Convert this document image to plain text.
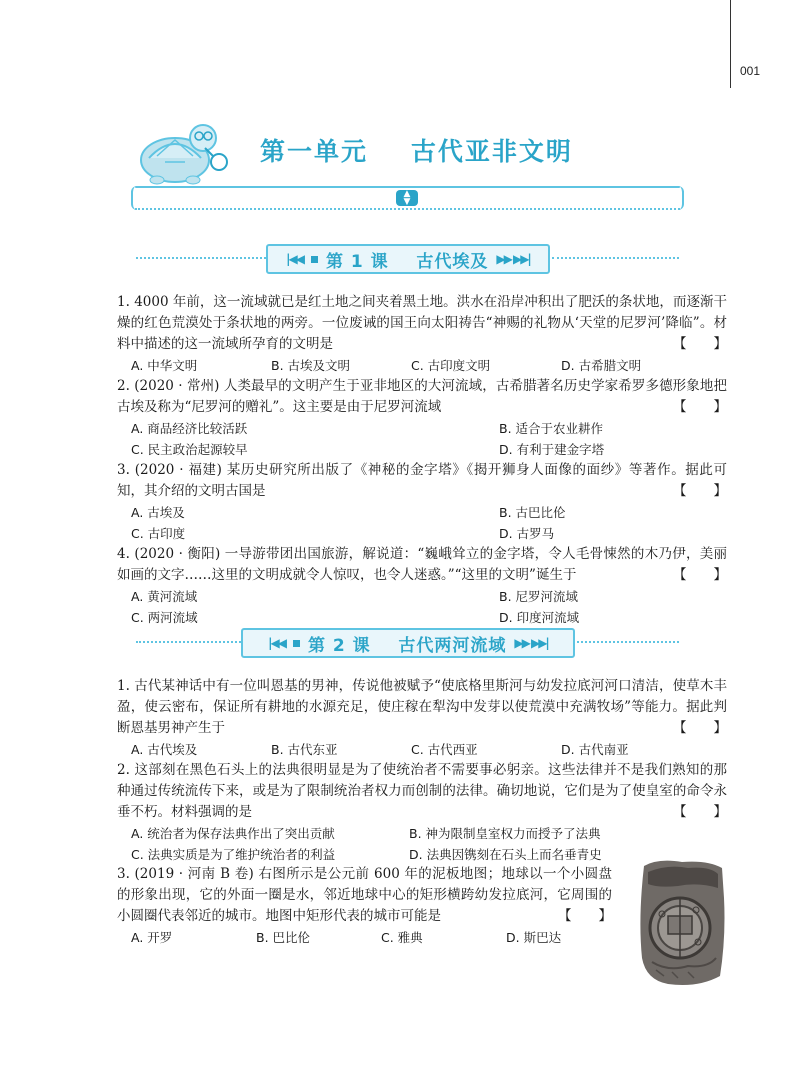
001
第一单元    古代亚非文明
▲
▼
|◀◀ 第 1 课    古代埃及 ▶▶ ▶▶|

1. 4000 年前，这一流域就已是红土地之间夹着黑土地。洪水在沿岸冲积出了肥沃的条状地，而逐渐干燥的红色荒漠处于条状地的两旁。一位废诫的国王向太阳祷告“神赐的礼物从‘天堂的尼罗河’降临”。材料中描述的这一流域所孕育的文明是	【　　】

A. 中华文明	B. 古埃及文明	C. 古印度文明	D. 古希腊文明

2. (2020 · 常州) 人类最早的文明产生于亚非地区的大河流域，古希腊著名历史学家希罗多德形象地把古埃及称为“尼罗河的赠礼”。这主要是由于尼罗河流域	【　　】

A. 商品经济比较活跃	B. 适合于农业耕作
C. 民主政治起源较早	D. 有利于建金字塔

3. (2020 · 福建) 某历史研究所出版了《神秘的金字塔》《揭开狮身人面像的面纱》等著作。据此可知，其介绍的文明古国是	【　　】

A. 古埃及	B. 古巴比伦
C. 古印度	D. 古罗马

4. (2020 · 衡阳) 一导游带团出国旅游，解说道：“巍峨耸立的金字塔，令人毛骨悚然的木乃伊，美丽如画的文字……这里的文明成就令人惊叹，也令人迷惑。”“这里的文明”诞生于	【　　】

A. 黄河流域	B. 尼罗河流域
C. 两河流域	D. 印度河流域
|◀◀ 第 2 课    古代两河流域 ▶▶ ▶▶|

1. 古代某神话中有一位叫恩基的男神，传说他被赋予“使底格里斯河与幼发拉底河河口清洁，使草木丰盈，使云密布，保证所有耕地的水源充足，使庄稼在犁沟中发芽以使荒漠中充满牧场”等能力。据此判断恩基男神产生于	【　　】

A. 古代埃及	B. 古代东亚	C. 古代西亚	D. 古代南亚

2. 这部刻在黑色石头上的法典很明显是为了使统治者不需要事必躬亲。这些法律并不是我们熟知的那种通过传统流传下来，或是为了限制统治者权力而创制的法律。确切地说，它们是为了使皇室的命令永垂不朽。材料强调的是	【　　】

A. 统治者为保存法典作出了突出贡献	B. 神为限制皇室权力而授予了法典
C. 法典实质是为了维护统治者的利益	D. 法典因镌刻在石头上而名垂青史

3. (2019 · 河南 B 卷) 右图所示是公元前 600 年的泥板地图；地球以一个小圆盘的形象出现，它的外面一圈是水，邻近地球中心的矩形横跨幼发拉底河，它周围的小圆圈代表邻近的城市。地图中矩形代表的城市可能是	【　　】

A. 开罗	B. 巴比伦	C. 雅典	D. 斯巴达
